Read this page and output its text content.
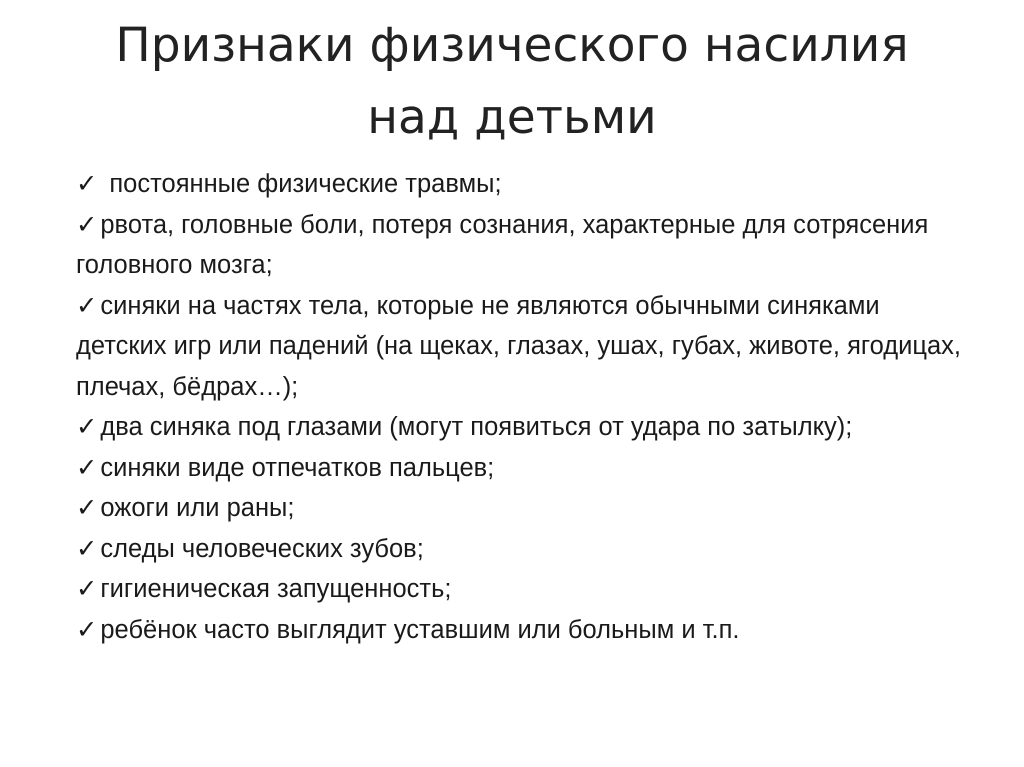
Признаки физического насилия
над детьми
✓ постоянные физические травмы;
✓ рвота, головные боли, потеря сознания, характерные для сотрясения головного мозга;
✓ синяки на частях тела, которые не являются обычными синяками детских игр или падений (на щеках, глазах, ушах, губах, животе, ягодицах, плечах, бёдрах…);
✓ два синяка под глазами (могут появиться от удара по затылку);
✓ синяки виде отпечатков пальцев;
✓ ожоги или раны;
✓ следы человеческих зубов;
✓ гигиеническая запущенность;
✓ ребёнок часто выглядит уставшим или больным и т.п.
